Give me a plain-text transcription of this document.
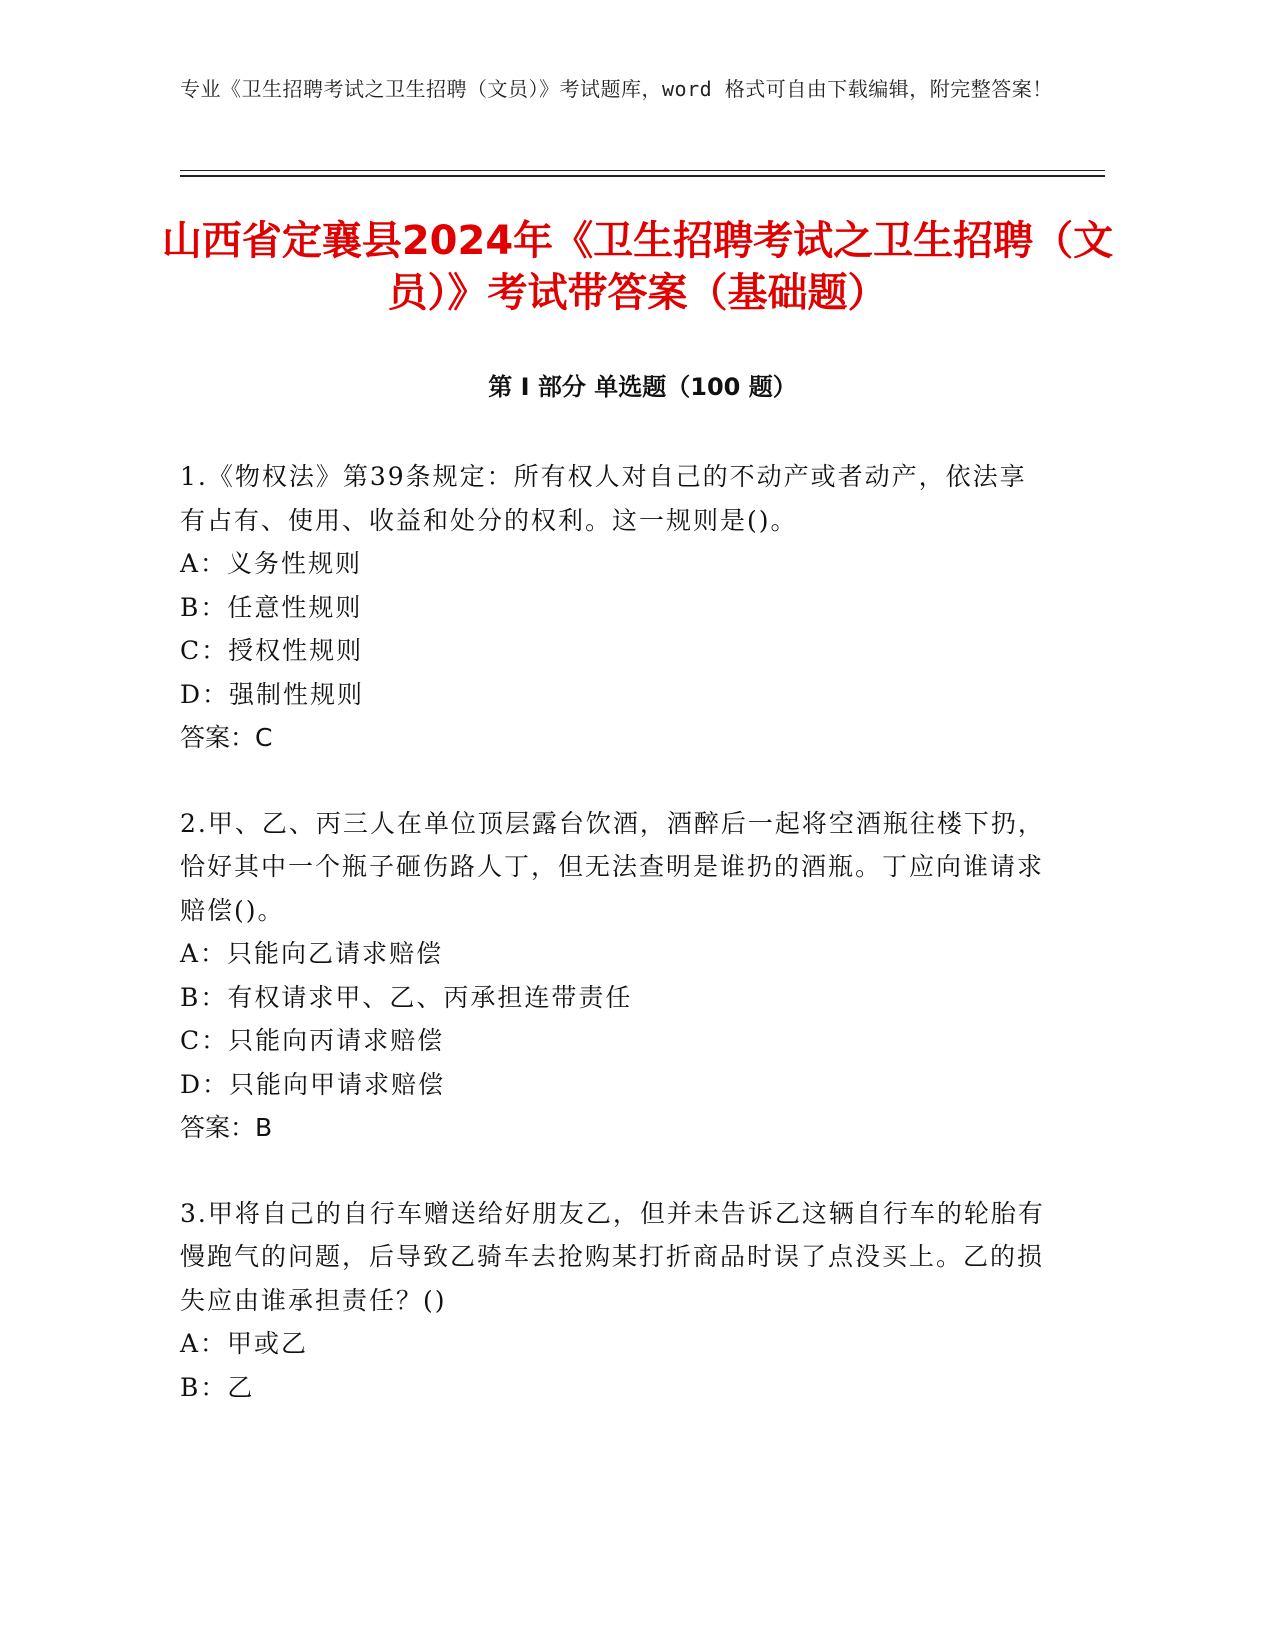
专业《卫生招聘考试之卫生招聘（文员）》考试题库，word 格式可自由下载编辑，附完整答案！
山西省定襄县2024年《卫生招聘考试之卫生招聘（文员）》考试带答案（基础题）
第 I 部分 单选题（100 题）
1.《物权法》第39条规定：所有权人对自己的不动产或者动产，依法享有占有、使用、收益和处分的权利。这一规则是()。
A：义务性规则
B：任意性规则
C：授权性规则
D：强制性规则
答案：C
2.甲、乙、丙三人在单位顶层露台饮酒，酒醉后一起将空酒瓶往楼下扔，恰好其中一个瓶子砸伤路人丁，但无法查明是谁扔的酒瓶。丁应向谁请求赔偿()。
A：只能向乙请求赔偿
B：有权请求甲、乙、丙承担连带责任
C：只能向丙请求赔偿
D：只能向甲请求赔偿
答案：B
3.甲将自己的自行车赠送给好朋友乙，但并未告诉乙这辆自行车的轮胎有慢跑气的问题，后导致乙骑车去抢购某打折商品时误了点没买上。乙的损失应由谁承担责任？()
A：甲或乙
B：乙
